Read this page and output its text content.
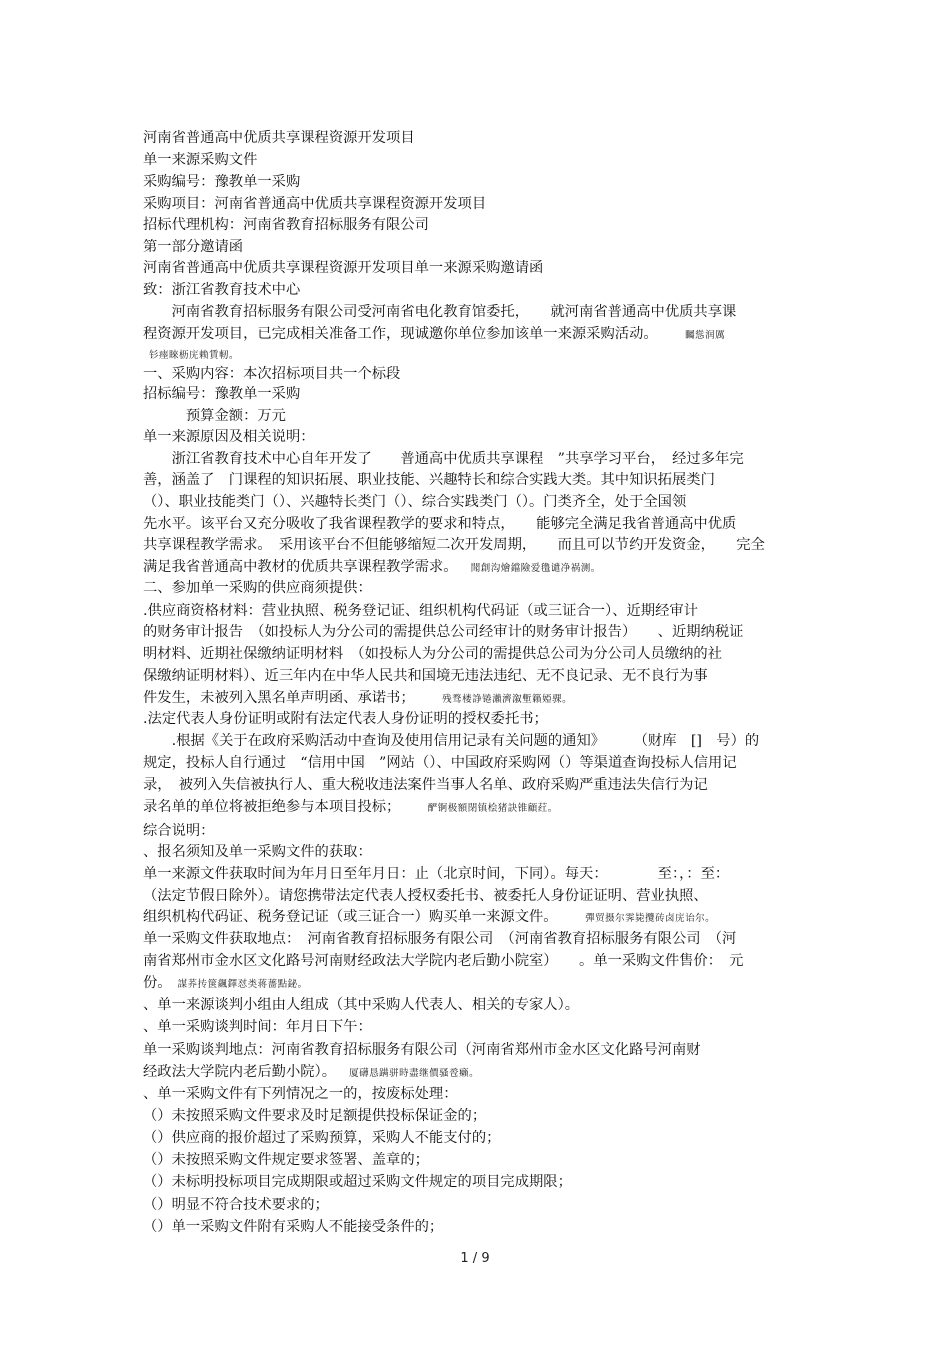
河南省普通高中优质共享课程资源开发项目
单一来源采购文件
采购编号：豫教单一采购
采购项目：河南省普通高中优质共享课程资源开发项目
招标代理机构：河南省教育招标服务有限公司
第一部分邀请函
河南省普通高中优质共享课程资源开发项目单一来源采购邀请函
致：浙江省教育技术中心
　　河南省教育招标服务有限公司受河南省电化教育馆委托，　　就河南省普通高中优质共享课
程资源开发项目，已完成相关准备工作，现诚邀你单位参加该单一来源采购活动。　　矚慫润厲
钐瘗睞枥庑赖賃軔。
一、采购内容：本次招标项目共一个标段
招标编号：豫教单一采购
　　　预算金额：万元
单一来源原因及相关说明：
　　浙江省教育技术中心自年开发了　　普通高中优质共享课程　”共享学习平台，　经过多年完
善，涵盖了　门课程的知识拓展、职业技能、兴趣特长和综合实践大类。其中知识拓展类门
（）、职业技能类门（）、兴趣特长类门（）、综合实践类门（）。门类齐全，处于全国领
先水平。该平台又充分吸收了我省课程教学的要求和特点，　　能够完全满足我省普通高中优质
共享课程教学需求。　采用该平台不但能够缩短二次开发周期，　　而且可以节约开发资金，　　完全
满足我省普通高中教材的优质共享课程教学需求。　聞創沟燴鐺險爱氇谴净祸测。
二、参加单一采购的供应商须提供：
.供应商资格材料：营业执照、税务登记证、组织机构代码证（或三证合一）、近期经审计
的财务审计报告　（如投标人为分公司的需提供总公司经审计的财务审计报告）　　、近期纳税证
明材料、近期社保缴纳证明材料　（如投标人为分公司的需提供总公司为分公司人员缴纳的社
保缴纳证明材料）、近三年内在中华人民共和国境无违法违纪、无不良记录、无不良行为事
件发生，未被列入黑名单声明函、承诺书；　　残骛楼諍锩瀨濟溆塹籟婭骒。
.法定代表人身份证明或附有法定代表人身份证明的授权委托书；
　　.根据《关于在政府采购活动中查询及使用信用记录有关问题的通知》　　　（财库　[]　号）的
规定，投标人自行通过　“信用中国　”网站（）、中国政府采购网（）等渠道查询投标人信用记
录，　被列入失信被执行人、重大税收违法案件当事人名单、政府采购严重违法失信行为记
录名单的单位将被拒绝参与本项目投标；　　酽锕极額閉镇桧猪訣锥顧荭。
综合说明：
、报名须知及单一采购文件的获取：
单一来源文件获取时间为年月日至年月日：止（北京时间，下同）。每天：　　　　至：，：至：
（法定节假日除外）。请您携带法定代表人授权委托书、被委托人身份证证明、营业执照、
组织机构代码证、税务登记证（或三证合一）购买单一来源文件。　　彈贸摄尔霁毙攬砖卤庑诒尔。
单一采购文件获取地点：　河南省教育招标服务有限公司　（河南省教育招标服务有限公司　（河
南省郑州市金水区文化路号河南财经政法大学院内老后勤小院室）　　。单一采购文件售价：　元
份。 謀荞抟箧飆鐸怼类蒋薔點鉍。
、单一来源谈判小组由人组成（其中采购人代表人、相关的专家人）。
、单一采购谈判时间：年月日下午：
单一采购谈判地点：河南省教育招标服务有限公司（河南省郑州市金水区文化路号河南财
经政法大学院内老后勤小院）。　厦礴恳蹒骈時盡继價骚卺癩。
、单一采购文件有下列情况之一的，按废标处理：
（）未按照采购文件要求及时足额提供投标保证金的；
（）供应商的报价超过了采购预算，采购人不能支付的；
（）未按照采购文件规定要求签署、盖章的；
（）未标明投标项目完成期限或超过采购文件规定的项目完成期限；
（）明显不符合技术要求的；
（）单一采购文件附有采购人不能接受条件的；
1 / 9
